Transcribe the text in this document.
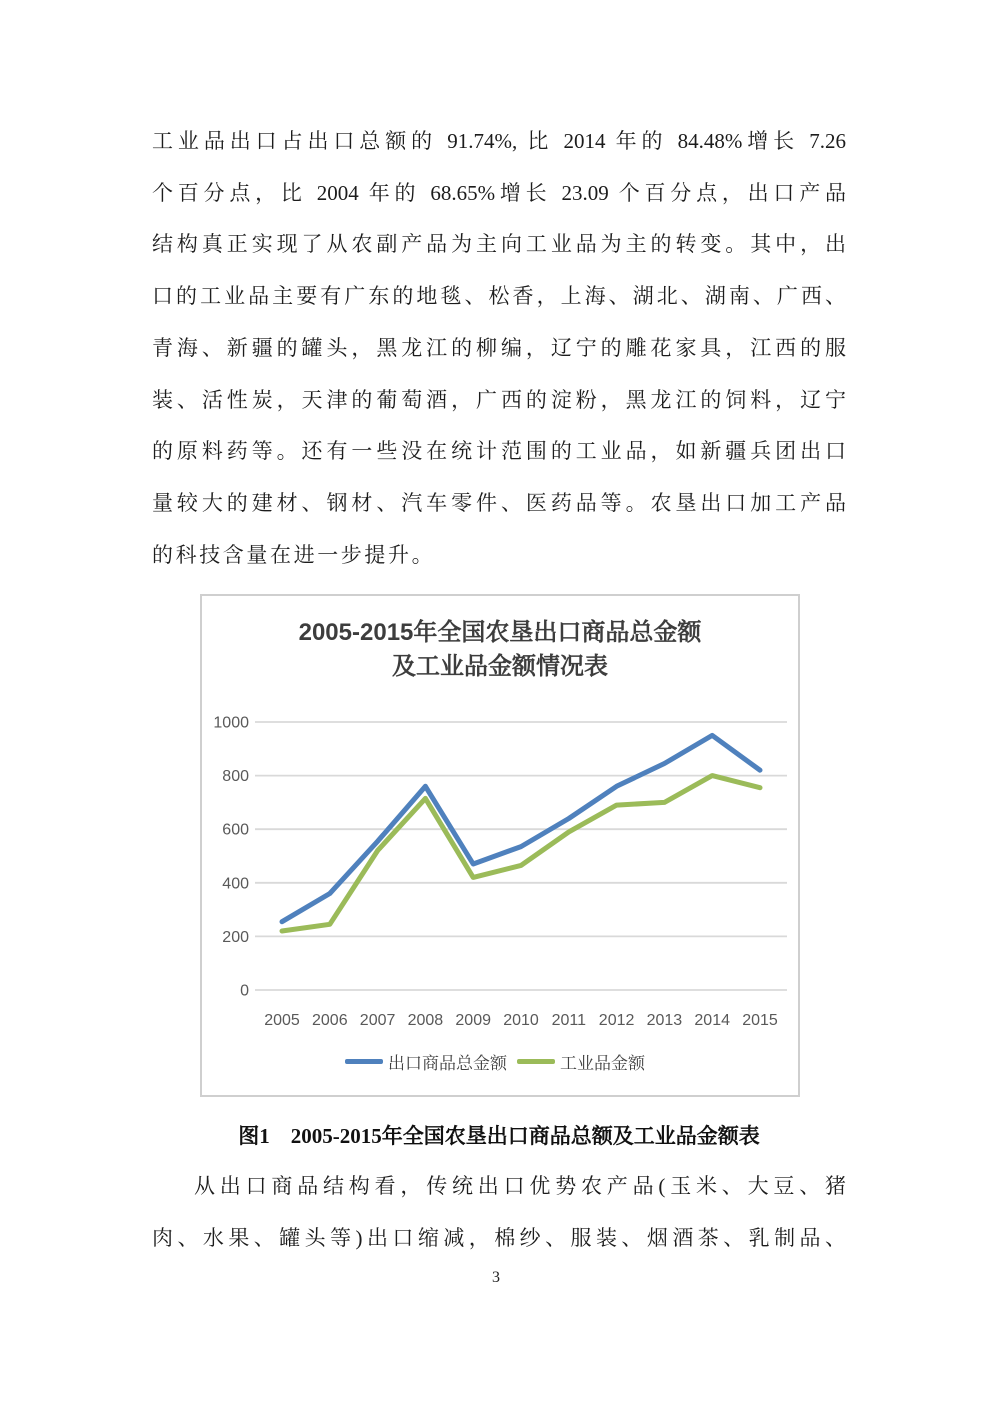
工业品出口占出口总额的 91.74%, 比 2014 年的 84.48%增长 7.26
个百分点，比 2004 年的 68.65%增长 23.09 个百分点，出口产品
结构真正实现了从农副产品为主向工业品为主的转变。其中，出
口的工业品主要有广东的地毯、松香，上海、湖北、湖南、广西、
青海、新疆的罐头，黑龙江的柳编，辽宁的雕花家具，江西的服
装、活性炭，天津的葡萄酒，广西的淀粉，黑龙江的饲料，辽宁
的原料药等。还有一些没在统计范围的工业品，如新疆兵团出口
量较大的建材、钢材、汽车零件、医药品等。农垦出口加工产品
的科技含量在进一步提升。
2005-2015年全国农垦出口商品总金额
及工业品金额情况表
0
200
400
600
800
1000
2005 2006 2007 2008 2009 2010 2011 2012 2013 2014 2015
出口商品总金额	工业品金额
图1　2005-2015年全国农垦出口商品总额及工业品金额表
从出口商品结构看，传统出口优势农产品(玉米、大豆、猪
肉、水果、罐头等)出口缩减，棉纱、服装、烟酒茶、乳制品、
3
